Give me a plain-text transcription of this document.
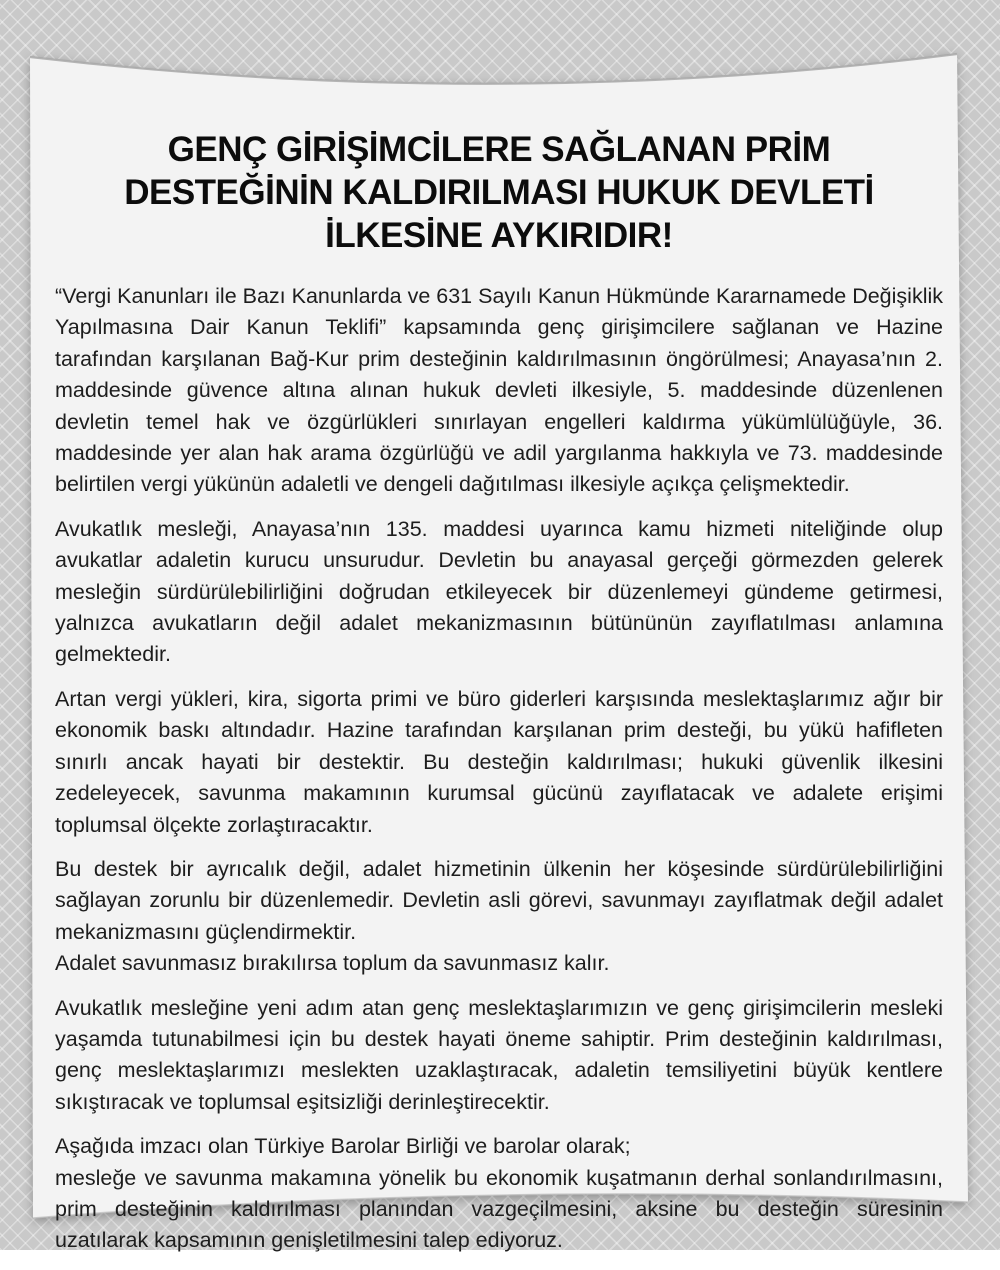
GENÇ GİRİŞİMCİLERE SAĞLANAN PRİM
DESTEĞİNİN KALDIRILMASI HUKUK DEVLETİ
İLKESİNE AYKIRIDIR!

“Vergi Kanunları ile Bazı Kanunlarda ve 631 Sayılı Kanun Hükmünde Kararnamede Değişiklik Yapılmasına Dair Kanun Teklifi” kapsamında genç girişimcilere sağlanan ve Hazine tarafından karşılanan Bağ-Kur prim desteğinin kaldırılmasının öngörülmesi; Anayasa’nın 2. maddesinde güvence altına alınan hukuk devleti ilkesiyle, 5. maddesinde düzenlenen devletin temel hak ve özgürlükleri sınırlayan engelleri kaldırma yükümlülüğüyle, 36. maddesinde yer alan hak arama özgürlüğü ve adil yargılanma hakkıyla ve 73. maddesinde belirtilen vergi yükünün adaletli ve dengeli dağıtılması ilkesiyle açıkça çelişmektedir.

Avukatlık mesleği, Anayasa’nın 135. maddesi uyarınca kamu hizmeti niteliğinde olup avukatlar adaletin kurucu unsurudur. Devletin bu anayasal gerçeği görmezden gelerek mesleğin sürdürülebilirliğini doğrudan etkileyecek bir düzenlemeyi gündeme getirmesi, yalnızca avukatların değil adalet mekanizmasının bütününün zayıflatılması anlamına gelmektedir.

Artan vergi yükleri, kira, sigorta primi ve büro giderleri karşısında meslektaşlarımız ağır bir ekonomik baskı altındadır. Hazine tarafından karşılanan prim desteği, bu yükü hafifleten sınırlı ancak hayati bir destektir. Bu desteğin kaldırılması; hukuki güvenlik ilkesini zedeleyecek, savunma makamının kurumsal gücünü zayıflatacak ve adalete erişimi toplumsal ölçekte zorlaştıracaktır.

Bu destek bir ayrıcalık değil, adalet hizmetinin ülkenin her köşesinde sürdürülebilirliğini sağlayan zorunlu bir düzenlemedir. Devletin asli görevi, savunmayı zayıflatmak değil adalet mekanizmasını güçlendirmektir.
Adalet savunmasız bırakılırsa toplum da savunmasız kalır.

Avukatlık mesleğine yeni adım atan genç meslektaşlarımızın ve genç girişimcilerin mesleki yaşamda tutunabilmesi için bu destek hayati öneme sahiptir. Prim desteğinin kaldırılması, genç meslektaşlarımızı meslekten uzaklaştıracak, adaletin temsiliyetini büyük kentlere sıkıştıracak ve toplumsal eşitsizliği derinleştirecektir.

Aşağıda imzacı olan Türkiye Barolar Birliği ve barolar olarak;
mesleğe ve savunma makamına yönelik bu ekonomik kuşatmanın derhal sonlandırılmasını, prim desteğinin kaldırılması planından vazgeçilmesini, aksine bu desteğin süresinin uzatılarak kapsamının genişletilmesini talep ediyoruz.
